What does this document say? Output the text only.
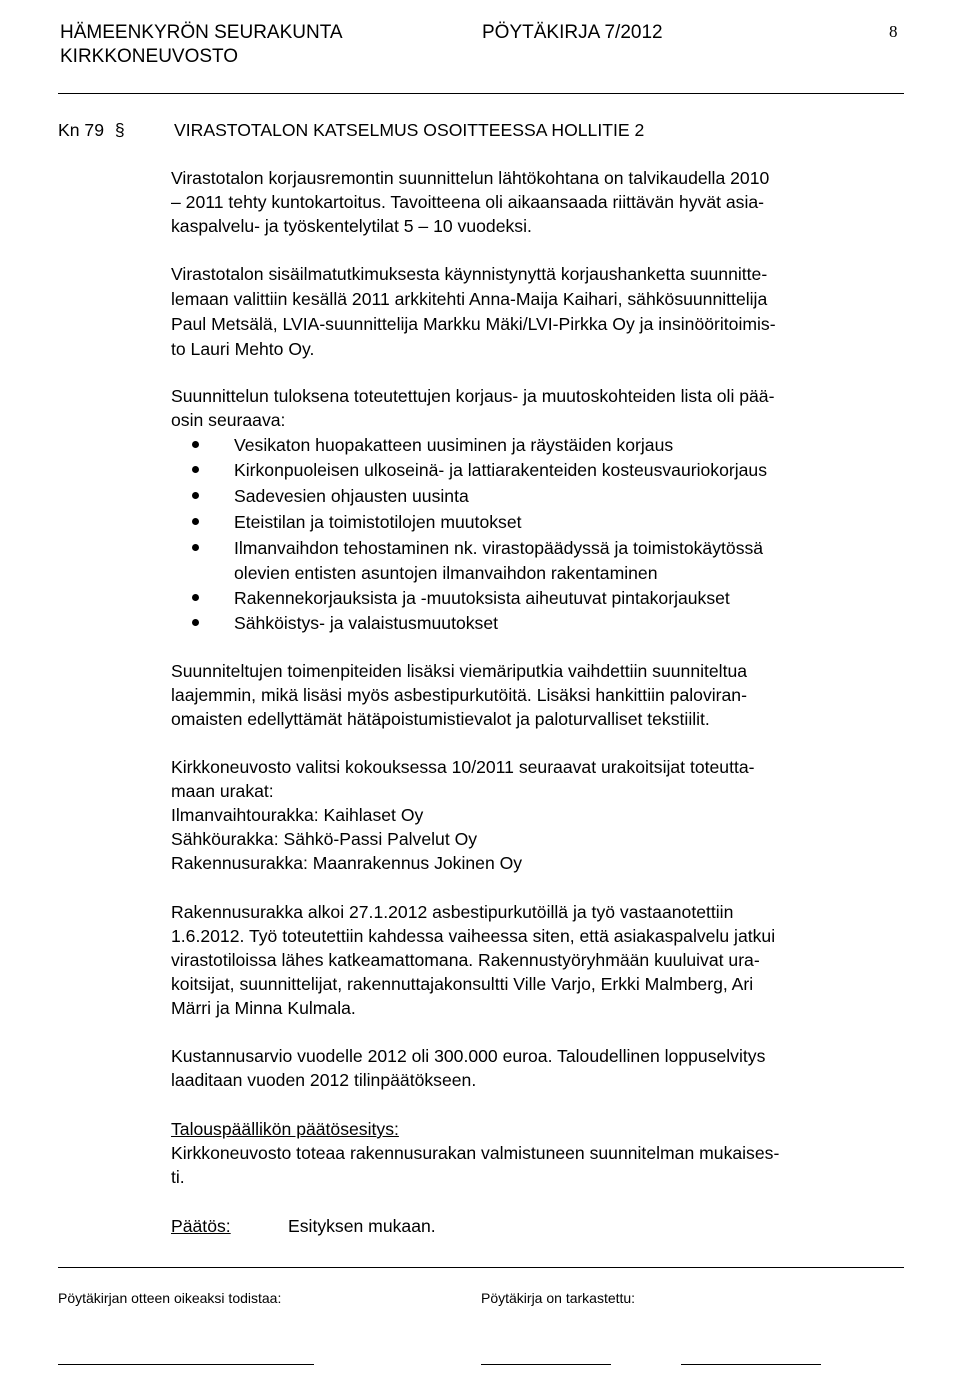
HÄMEENKYRÖN SEURAKUNTA
KIRKKONEUVOSTO
PÖYTÄKIRJA 7/2012	8
Kn 79 §	VIRASTOTALON KATSELMUS OSOITTEESSA HOLLITIE 2
Virastotalon korjausremontin suunnittelun lähtökohtana on talvikaudella 2010
– 2011 tehty kuntokartoitus. Tavoitteena oli aikaansaada riittävän hyvät asia-
kaspalvelu- ja työskentelytilat 5 – 10 vuodeksi.
Virastotalon sisäilmatutkimuksesta käynnistynyttä korjaushanketta suunnitte-
lemaan valittiin kesällä 2011 arkkitehti Anna-Maija Kaihari, sähkösuunnittelija
Paul Metsälä, LVIA-suunnittelija Markku Mäki/LVI-Pirkka Oy ja insinööritoimis-
to Lauri Mehto Oy.
Suunnittelun tuloksena toteutettujen korjaus- ja muutoskohteiden lista oli pää-
osin seuraava:
Vesikaton huopakatteen uusiminen ja räystäiden korjaus
Kirkonpuoleisen ulkoseinä- ja lattiarakenteiden kosteusvauriokorjaus
Sadevesien ohjausten uusinta
Eteistilan ja toimistotilojen muutokset
Ilmanvaihdon tehostaminen nk. virastopäädyssä ja toimistokäytössä
olevien entisten asuntojen ilmanvaihdon rakentaminen
Rakennekorjauksista ja -muutoksista aiheutuvat pintakorjaukset
Sähköistys- ja valaistusmuutokset
Suunniteltujen toimenpiteiden lisäksi viemäriputkia vaihdettiin suunniteltua
laajemmin, mikä lisäsi myös asbestipurkutöitä. Lisäksi hankittiin paloviran-
omaisten edellyttämät hätäpoistumistievalot ja paloturvalliset tekstiilit.
Kirkkoneuvosto valitsi kokouksessa 10/2011 seuraavat urakoitsijat toteutta-
maan urakat:
Ilmanvaihtourakka: Kaihlaset Oy
Sähköurakka: Sähkö-Passi Palvelut Oy
Rakennusurakka: Maanrakennus Jokinen Oy
Rakennusurakka alkoi 27.1.2012 asbestipurkutöillä ja työ vastaanotettiin
1.6.2012. Työ toteutettiin kahdessa vaiheessa siten, että asiakaspalvelu jatkui
virastotiloissa lähes katkeamattomana. Rakennustyöryhmään kuuluivat ura-
koitsijat, suunnittelijat, rakennuttajakonsultti Ville Varjo, Erkki Malmberg, Ari
Märri ja Minna Kulmala.
Kustannusarvio vuodelle 2012 oli 300.000 euroa. Taloudellinen loppuselvitys
laaditaan vuoden 2012 tilinpäätökseen.
Talouspäällikön päätösesitys:
Kirkkoneuvosto toteaa rakennusurakan valmistuneen suunnitelman mukaises-
ti.
Päätös:	Esityksen mukaan.
Pöytäkirjan otteen oikeaksi todistaa:	Pöytäkirja on tarkastettu:
